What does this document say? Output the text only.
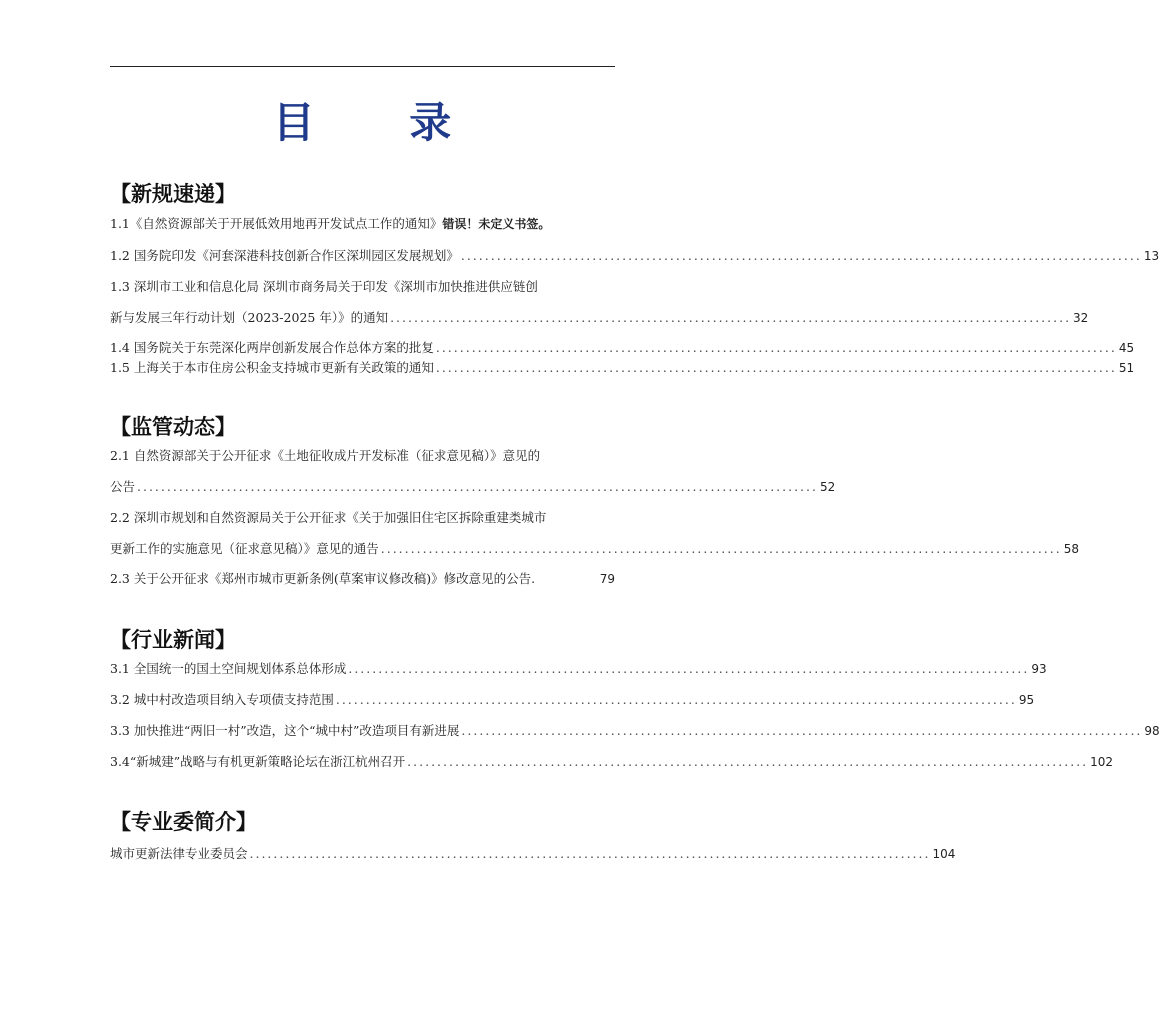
目 录
【新规速递】
1.1《自然资源部关于开展低效用地再开发试点工作的通知》 错误！未定义书签。
1.2 国务院印发《河套深港科技创新合作区深圳园区发展规划》 .................................................................................................................. 13
1.3 深圳市工业和信息化局 深圳市商务局关于印发《深圳市加快推进供应链创
新与发展三年行动计划（2023-2025 年）》的通知 .................................................................................................................. 32
1.4 国务院关于东莞深化两岸创新发展合作总体方案的批复 .................................................................................................................. 45
1.5 上海关于本市住房公积金支持城市更新有关政策的通知 .................................................................................................................. 51
【监管动态】
2.1 自然资源部关于公开征求《土地征收成片开发标准（征求意见稿）》意见的
公告 .................................................................................................................. 52
2.2 深圳市规划和自然资源局关于公开征求《关于加强旧住宅区拆除重建类城市
更新工作的实施意见（征求意见稿）》意见的通告 .................................................................................................................. 58
2.3 关于公开征求《郑州市城市更新条例(草案审议修改稿)》修改意见的公告.	79
【行业新闻】
3.1 全国统一的国土空间规划体系总体形成 .................................................................................................................. 93
3.2 城中村改造项目纳入专项债支持范围 .................................................................................................................. 95
3.3 加快推进“两旧一村”改造，这个“城中村”改造项目有新进展 .................................................................................................................. 98
3.4“新城建”战略与有机更新策略论坛在浙江杭州召开 .................................................................................................................. 102
【专业委简介】
城市更新法律专业委员会 .................................................................................................................. 104
